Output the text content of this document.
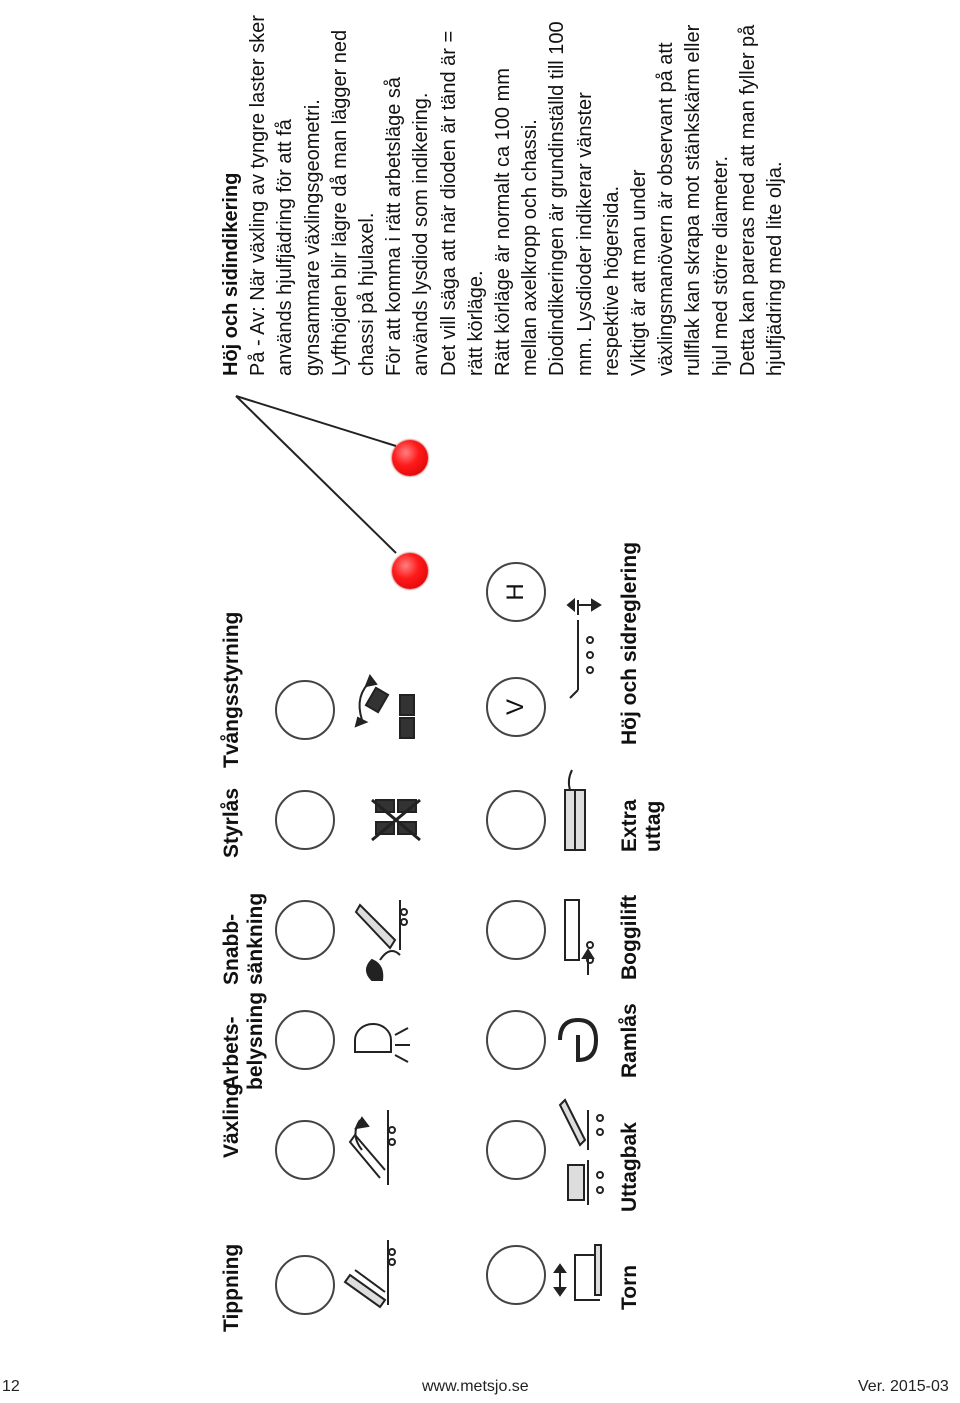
12	www.metsjo.se	Ver. 2015-03
Tippning
Växling
Arbets- belysning
Snabb- sänkning
Styrlås
Tvångsstyrning
Torn
Uttagbak
Ramlås
Boggilift
Extra uttag
Höj och sidreglering
V
H

Höj och sidindikering På - Av: När växling av tyngre laster sker används hjulfjädring för att få gynsammare växlingsgeometri. Lyfthöjden blir lägre då man lägger ned chassi på hjulaxel. För att komma i rätt arbetsläge så används lysdiod som indikering. Det vill säga att när dioden är tänd är = rätt körläge. Rätt körläge är normalt ca 100 mm mellan axelkropp och chassi. Diodindikeringen är grundinställd till 100 mm. Lysdioder indikerar vänster respektive högersida. Viktigt är att man under växlingsmanövern är observant på att rullflak kan skrapa mot stänkskärm eller hjul med större diameter. Detta kan pareras med att man fyller på hjulfjädring med lite olja.
